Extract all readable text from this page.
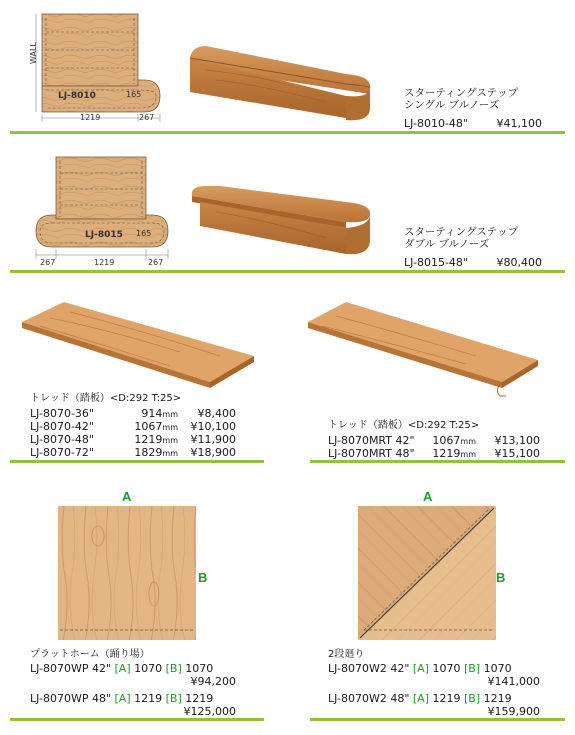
WALL
LJ-8010	165
1219	267
スターティングステップ
シングル ブルノーズ
LJ-8010-48"	¥41,100
LJ-8015 165
267	1219	267
スターティングステップ
ダブル ブルノーズ
LJ-8015-48"	¥80,400
トレッド（踏板）<D:292 T:25>
LJ-8070-36"	914mm	¥8,400
LJ-8070-42"	1067mm	¥10,100
LJ-8070-48"	1219mm	¥11,900
LJ-8070-72"	1829mm	¥18,900
トレッド（踏板）<D:292 T:25>
LJ-8070MRT 42"	1067mm	¥13,100
LJ-8070MRT 48"	1219mm	¥15,100
A
B
プラットホーム（踊り場）
LJ-8070WP 42" [A] 1070 [B] 1070
¥94,200
LJ-8070WP 48" [A] 1219 [B] 1219
¥125,000
A
B
2段廻り
LJ-8070W2 42" [A] 1070 [B] 1070
¥141,000
LJ-8070W2 48" [A] 1219 [B] 1219
¥159,900
